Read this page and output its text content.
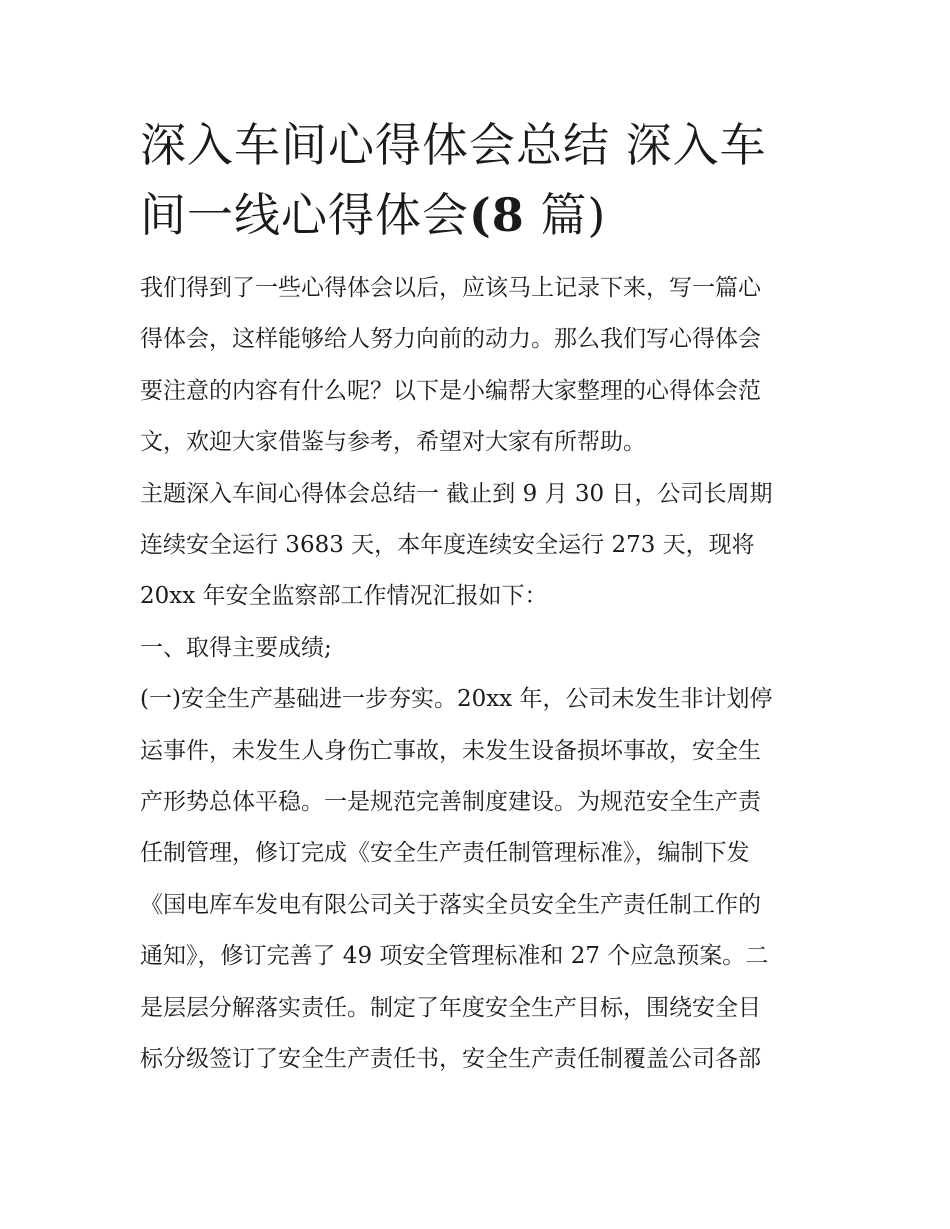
深入车间心得体会总结 深入车
间一线心得体会(8 篇)

我们得到了一些心得体会以后，应该马上记录下来，写一篇心

得体会，这样能够给人努力向前的动力。那么我们写心得体会

要注意的内容有什么呢？以下是小编帮大家整理的心得体会范

文，欢迎大家借鉴与参考，希望对大家有所帮助。

主题深入车间心得体会总结一 截止到 9 月 30 日，公司长周期

连续安全运行 3683 天，本年度连续安全运行 273 天，现将

20xx 年安全监察部工作情况汇报如下：

一、取得主要成绩;

(一)安全生产基础进一步夯实。20xx 年，公司未发生非计划停

运事件，未发生人身伤亡事故，未发生设备损坏事故，安全生

产形势总体平稳。一是规范完善制度建设。为规范安全生产责

任制管理，修订完成《安全生产责任制管理标准》，编制下发

《国电库车发电有限公司关于落实全员安全生产责任制工作的

通知》，修订完善了 49 项安全管理标准和 27 个应急预案。二

是层层分解落实责任。制定了年度安全生产目标，围绕安全目

标分级签订了安全生产责任书，安全生产责任制覆盖公司各部
